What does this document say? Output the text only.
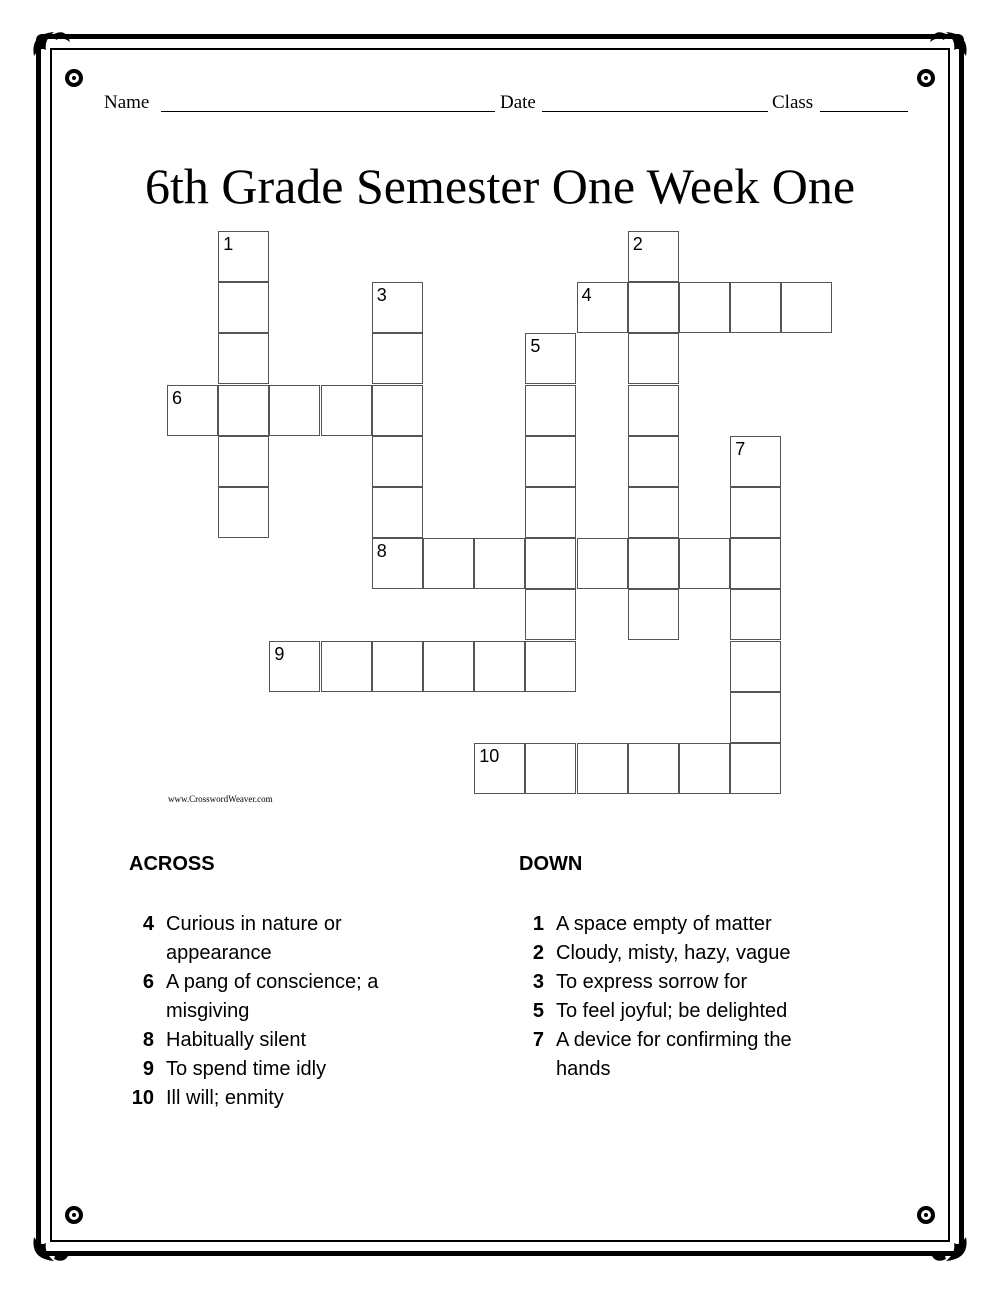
Name	Date	Class
6th Grade Semester One Week One
1	2
3	4
5
6
7
8
9
10
www.CrosswordWeaver.com
ACROSS	DOWN
4 Curious in nature or appearance
6 A pang of conscience; a misgiving
8 Habitually silent
9 To spend time idly
10 Ill will; enmity
1 A space empty of matter
2 Cloudy, misty, hazy, vague
3 To express sorrow for
5 To feel joyful; be delighted
7 A device for confirming the hands
